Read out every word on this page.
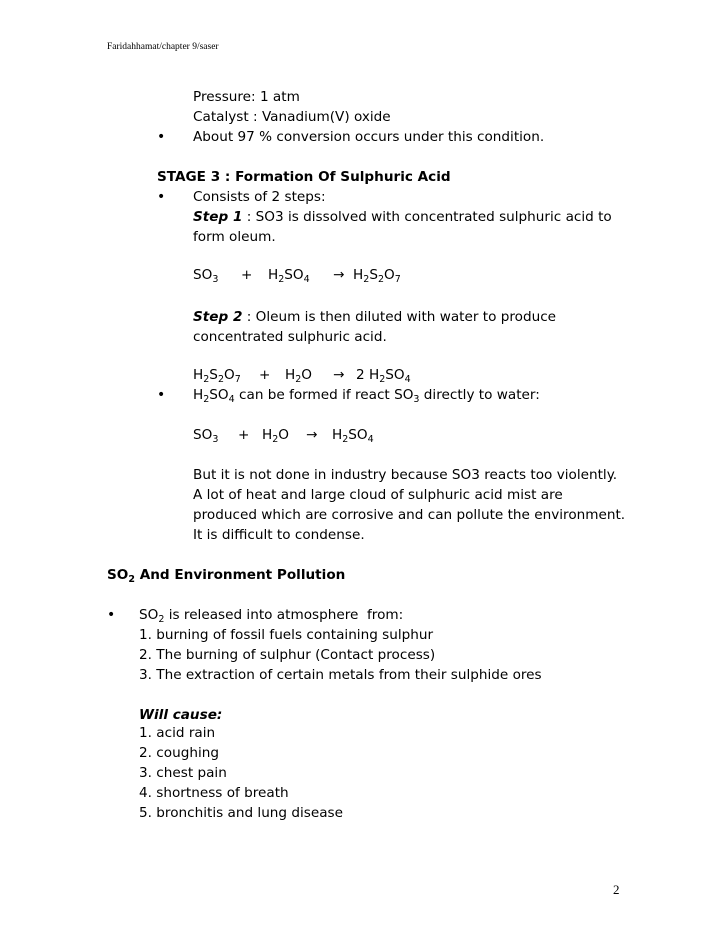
Faridahhamat/chapter 9/saser
Pressure: 1 atm
Catalyst : Vanadium(V) oxide
• About 97 % conversion occurs under this condition.
STAGE 3 : Formation Of Sulphuric Acid
• Consists of 2 steps:
Step 1 : SO3 is dissolved with concentrated sulphuric acid to
form oleum.
$SO_3 + H_2SO_4 \to H_2S_2O_7$
Step 2 : Oleum is then diluted with water to produce
concentrated sulphuric acid.
$H_2S_2O_7 + H_2O \to 2$ $H_2SO_4$
• $H_2SO_4$ can be formed if react $SO_3$ directly to water:
$SO_3 + H_2O \to H_2SO_4$
But it is not done in industry because SO3 reacts too violently.
A lot of heat and large cloud of sulphuric acid mist are
produced which are corrosive and can pollute the environment.
It is difficult to condense.
$SO_2$ And Environment Pollution
• $SO_2$ is released into atmosphere  from:
1. burning of fossil fuels containing sulphur
2. The burning of sulphur (Contact process)
3. The extraction of certain metals from their sulphide ores
Will cause:
1. acid rain
2. coughing
3. chest pain
4. shortness of breath
5. bronchitis and lung disease
2
